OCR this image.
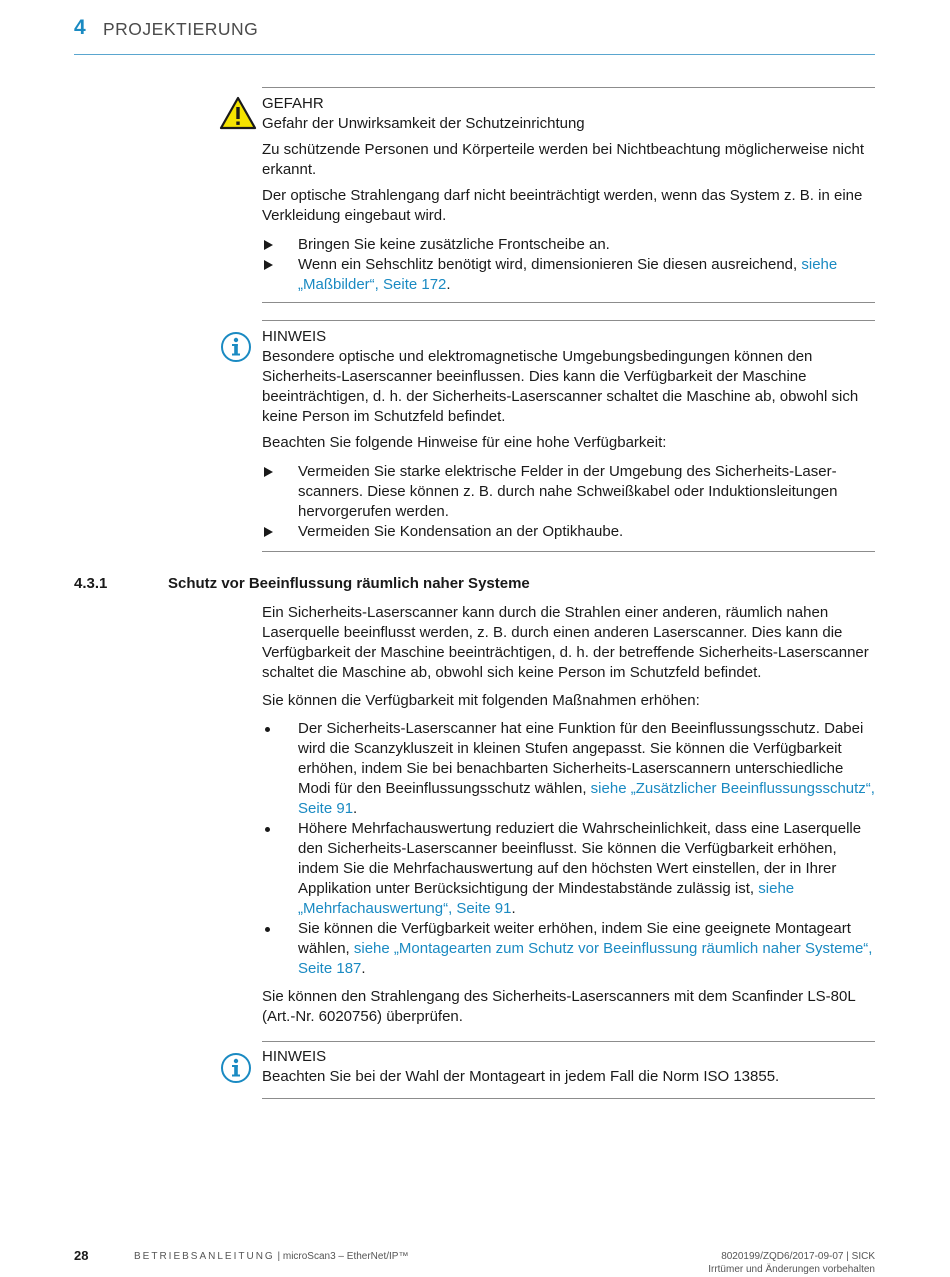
4 PROJEKTIERUNG
GEFAHR

Gefahr der Unwirksamkeit der Schutzeinrichtung

Zu schützende Personen und Körperteile werden bei Nichtbeachtung möglicherweise nicht erkannt.

Der optische Strahlengang darf nicht beeinträchtigt werden, wenn das System z. B. in eine Verkleidung eingebaut wird.

Bringen Sie keine zusätzliche Frontscheibe an.
Wenn ein Sehschlitz benötigt wird, dimensionieren Sie diesen ausreichend, siehe „Maßbilder“, Seite 172.
HINWEIS

Besondere optische und elektromagnetische Umgebungsbedingungen können den Sicherheits-Laserscanner beeinflussen. Dies kann die Verfügbarkeit der Maschine beeinträchtigen, d. h. der Sicherheits-Laserscanner schaltet die Maschine ab, obwohl sich keine Person im Schutzfeld befindet.

Beachten Sie folgende Hinweise für eine hohe Verfügbarkeit:

Vermeiden Sie starke elektrische Felder in der Umgebung des Sicherheits-Laserscanners. Diese können z. B. durch nahe Schweißkabel oder Induktionsleitungen hervorgerufen werden.
Vermeiden Sie Kondensation an der Optikhaube.
4.3.1	Schutz vor Beeinflussung räumlich naher Systeme

Ein Sicherheits-Laserscanner kann durch die Strahlen einer anderen, räumlich nahen Laserquelle beeinflusst werden, z. B. durch einen anderen Laserscanner. Dies kann die Verfügbarkeit der Maschine beeinträchtigen, d. h. der betreffende Sicherheits-Laserscanner schaltet die Maschine ab, obwohl sich keine Person im Schutzfeld befindet.

Sie können die Verfügbarkeit mit folgenden Maßnahmen erhöhen:

Der Sicherheits-Laserscanner hat eine Funktion für den Beeinflussungsschutz. Dabei wird die Scanzykluszeit in kleinen Stufen angepasst. Sie können die Verfügbarkeit erhöhen, indem Sie bei benachbarten Sicherheits-Laserscannern unterschiedliche Modi für den Beeinflussungsschutz wählen, siehe „Zusätzlicher Beeinflussungsschutz“, Seite 91.
Höhere Mehrfachauswertung reduziert die Wahrscheinlichkeit, dass eine Laserquelle den Sicherheits-Laserscanner beeinflusst. Sie können die Verfügbarkeit erhöhen, indem Sie die Mehrfachauswertung auf den höchsten Wert einstellen, der in Ihrer Applikation unter Berücksichtigung der Mindestabstände zulässig ist, siehe „Mehrfachauswertung“, Seite 91.
Sie können die Verfügbarkeit weiter erhöhen, indem Sie eine geeignete Montageart wählen, siehe „Montagearten zum Schutz vor Beeinflussung räumlich naher Systeme“, Seite 187.

Sie können den Strahlengang des Sicherheits-Laserscanners mit dem Scanfinder LS-80L (Art.-Nr. 6020756) überprüfen.

HINWEIS

Beachten Sie bei der Wahl der Montageart in jedem Fall die Norm ISO 13855.

28	BETRIEBSANLEITUNG | microScan3 – EtherNet/IP™	8020199/ZQD6/2017-09-07 | SICK
Irrtümer und Änderungen vorbehalten
